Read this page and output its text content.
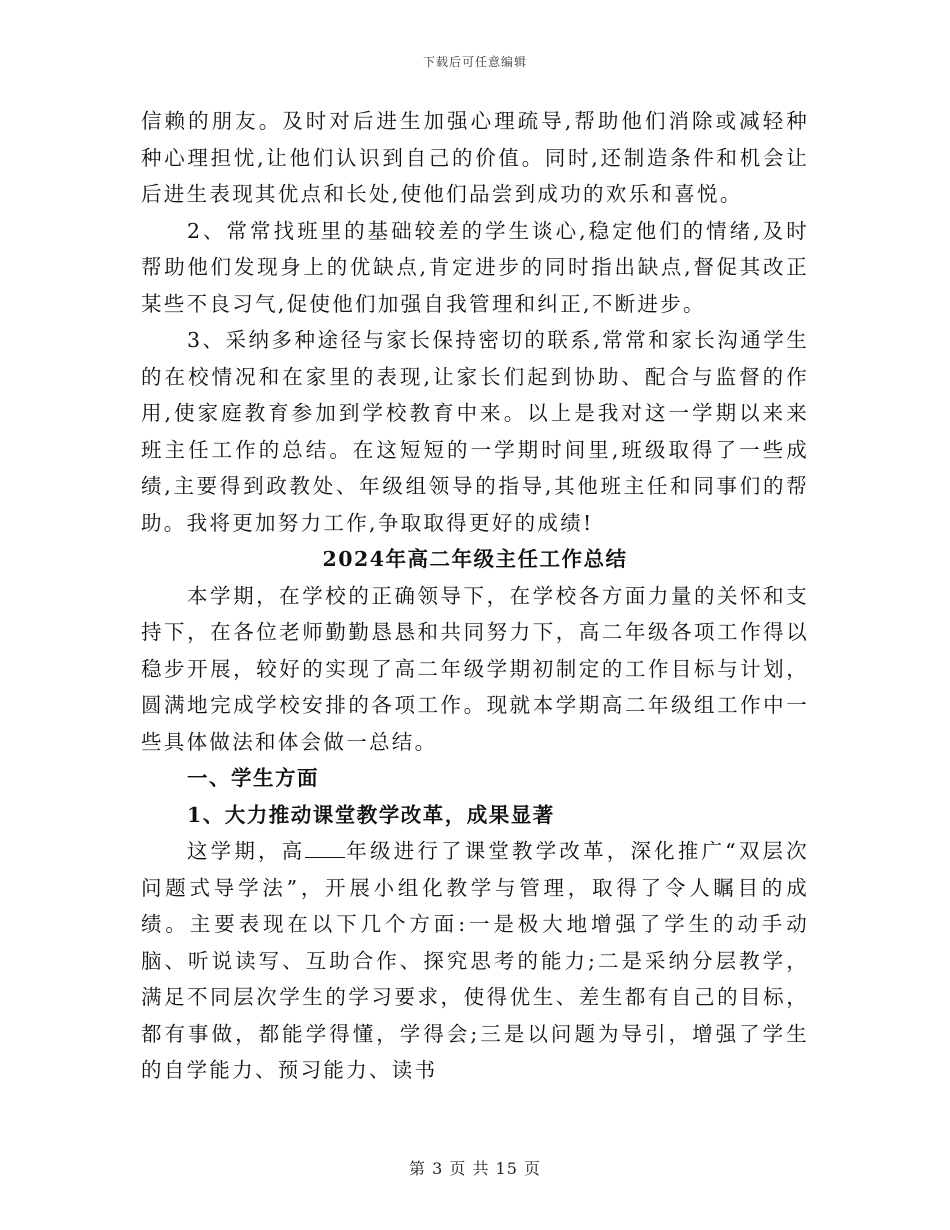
下载后可任意编辑

信赖的朋友。及时对后进生加强心理疏导,帮助他们消除或减轻种种心理担忧,让他们认识到自己的价值。同时,还制造条件和机会让后进生表现其优点和长处,使他们品尝到成功的欢乐和喜悦。

2、常常找班里的基础较差的学生谈心,稳定他们的情绪,及时帮助他们发现身上的优缺点,肯定进步的同时指出缺点,督促其改正某些不良习气,促使他们加强自我管理和纠正,不断进步。

3、采纳多种途径与家长保持密切的联系,常常和家长沟通学生的在校情况和在家里的表现,让家长们起到协助、配合与监督的作用,使家庭教育参加到学校教育中来。以上是我对这一学期以来来班主任工作的总结。在这短短的一学期时间里,班级取得了一些成绩,主要得到政教处、年级组领导的指导,其他班主任和同事们的帮助。我将更加努力工作,争取取得更好的成绩!

2024年高二年级主任工作总结

本学期，在学校的正确领导下，在学校各方面力量的关怀和支持下，在各位老师勤勤恳恳和共同努力下，高二年级各项工作得以稳步开展，较好的实现了高二年级学期初制定的工作目标与计划，圆满地完成学校安排的各项工作。现就本学期高二年级组工作中一些具体做法和体会做一总结。

一、学生方面

1、大力推动课堂教学改革，成果显著

这学期，高 年级进行了课堂教学改革，深化推广“双层次问题式导学法”，开展小组化教学与管理，取得了令人瞩目的成绩。主要表现在以下几个方面:一是极大地增强了学生的动手动脑、听说读写、互助合作、探究思考的能力;二是采纳分层教学，满足不同层次学生的学习要求，使得优生、差生都有自己的目标，都有事做，都能学得懂，学得会;三是以问题为导引，增强了学生的自学能力、预习能力、读书

第 3 页 共 15 页
